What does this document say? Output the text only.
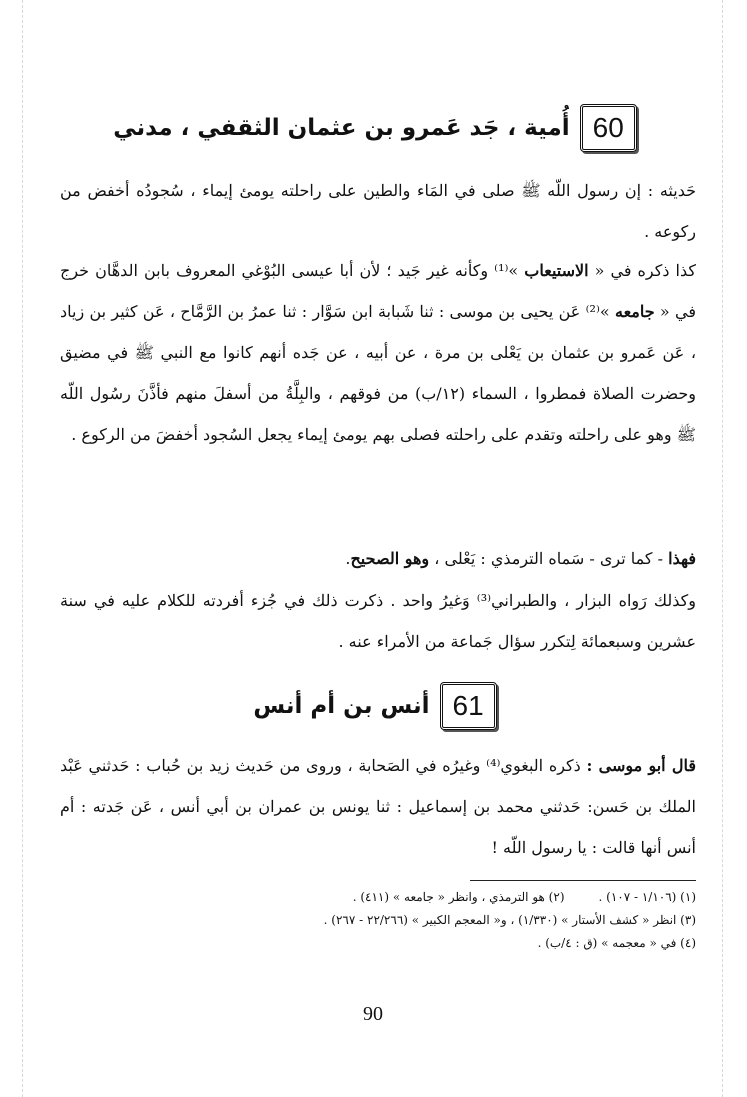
60
أُمية ، جَد عَمرو بن عثمان الثقفي ، مدني
حَديثه : إن رسول اللّه ﷺ صلى في المَاء والطين على راحلته يومئ إيماء ، سُجودُه أخفض من ركوعه .
كذا ذكره في « الاستيعاب »⁽¹⁾ وكأنه غير جَيد ؛ لأن أبا عيسى البُوْغي المعروف بابن الدهَّان خرج في « جامعه »⁽²⁾ عَن يحيى بن موسى : ثنا شَبابة ابن سَوَّار : ثنا عمرُ بن الرَّمَّاح ، عَن كثير بن زياد ، عَن عَمرو بن عثمان بن يَعْلى بن مرة ، عن أبيه ، عن جَده أنهم كانوا مع النبي ﷺ في مضيق وحضرت الصلاة فمطروا ، السماء (١٢/ب) من فوقهم ، والبِلَّةُ من أسفلَ منهم فأذَّنَ رسُول اللّه ﷺ وهو على راحلته وتقدم على راحلته فصلى بهم يومئ إيماء يجعل السُجود أخفضَ من الركوع .
فهذا - كما ترى - سَماه الترمذي : يَعْلى ، وهو الصحيح.
وكذلك رَواه البزار ، والطبراني⁽³⁾ وَغيرُ واحد . ذكرت ذلك في جُزء أفردته للكلام عليه في سنة عشرين وسبعمائة لِتكرر سؤال جَماعة من الأمراء عنه .
61
أنس بن أم أنس
قال أبو موسى : ذكره البغوي⁽⁴⁾ وغيرُه في الصَحابة ، وروى من حَديث زيد بن حُباب : حَدثني عَبْد الملك بن حَسن: حَدثني محمد بن إسماعيل : ثنا يونس بن عمران بن أبي أنس ، عَن جَدته : أم أنس أنها قالت : يا رسول اللّه !
(١) (١/١٠٦ - ١٠٧) .(٢) هو الترمذي ، وانظر « جامعه » (٤١١) .
(٣) انظر « كشف الأستار » (١/٣٣٠) ، و« المعجم الكبير » (٢٢/٢٦٦ - ٢٦٧) .
(٤) في « معجمه » (ق : ٤/ب) .
90
